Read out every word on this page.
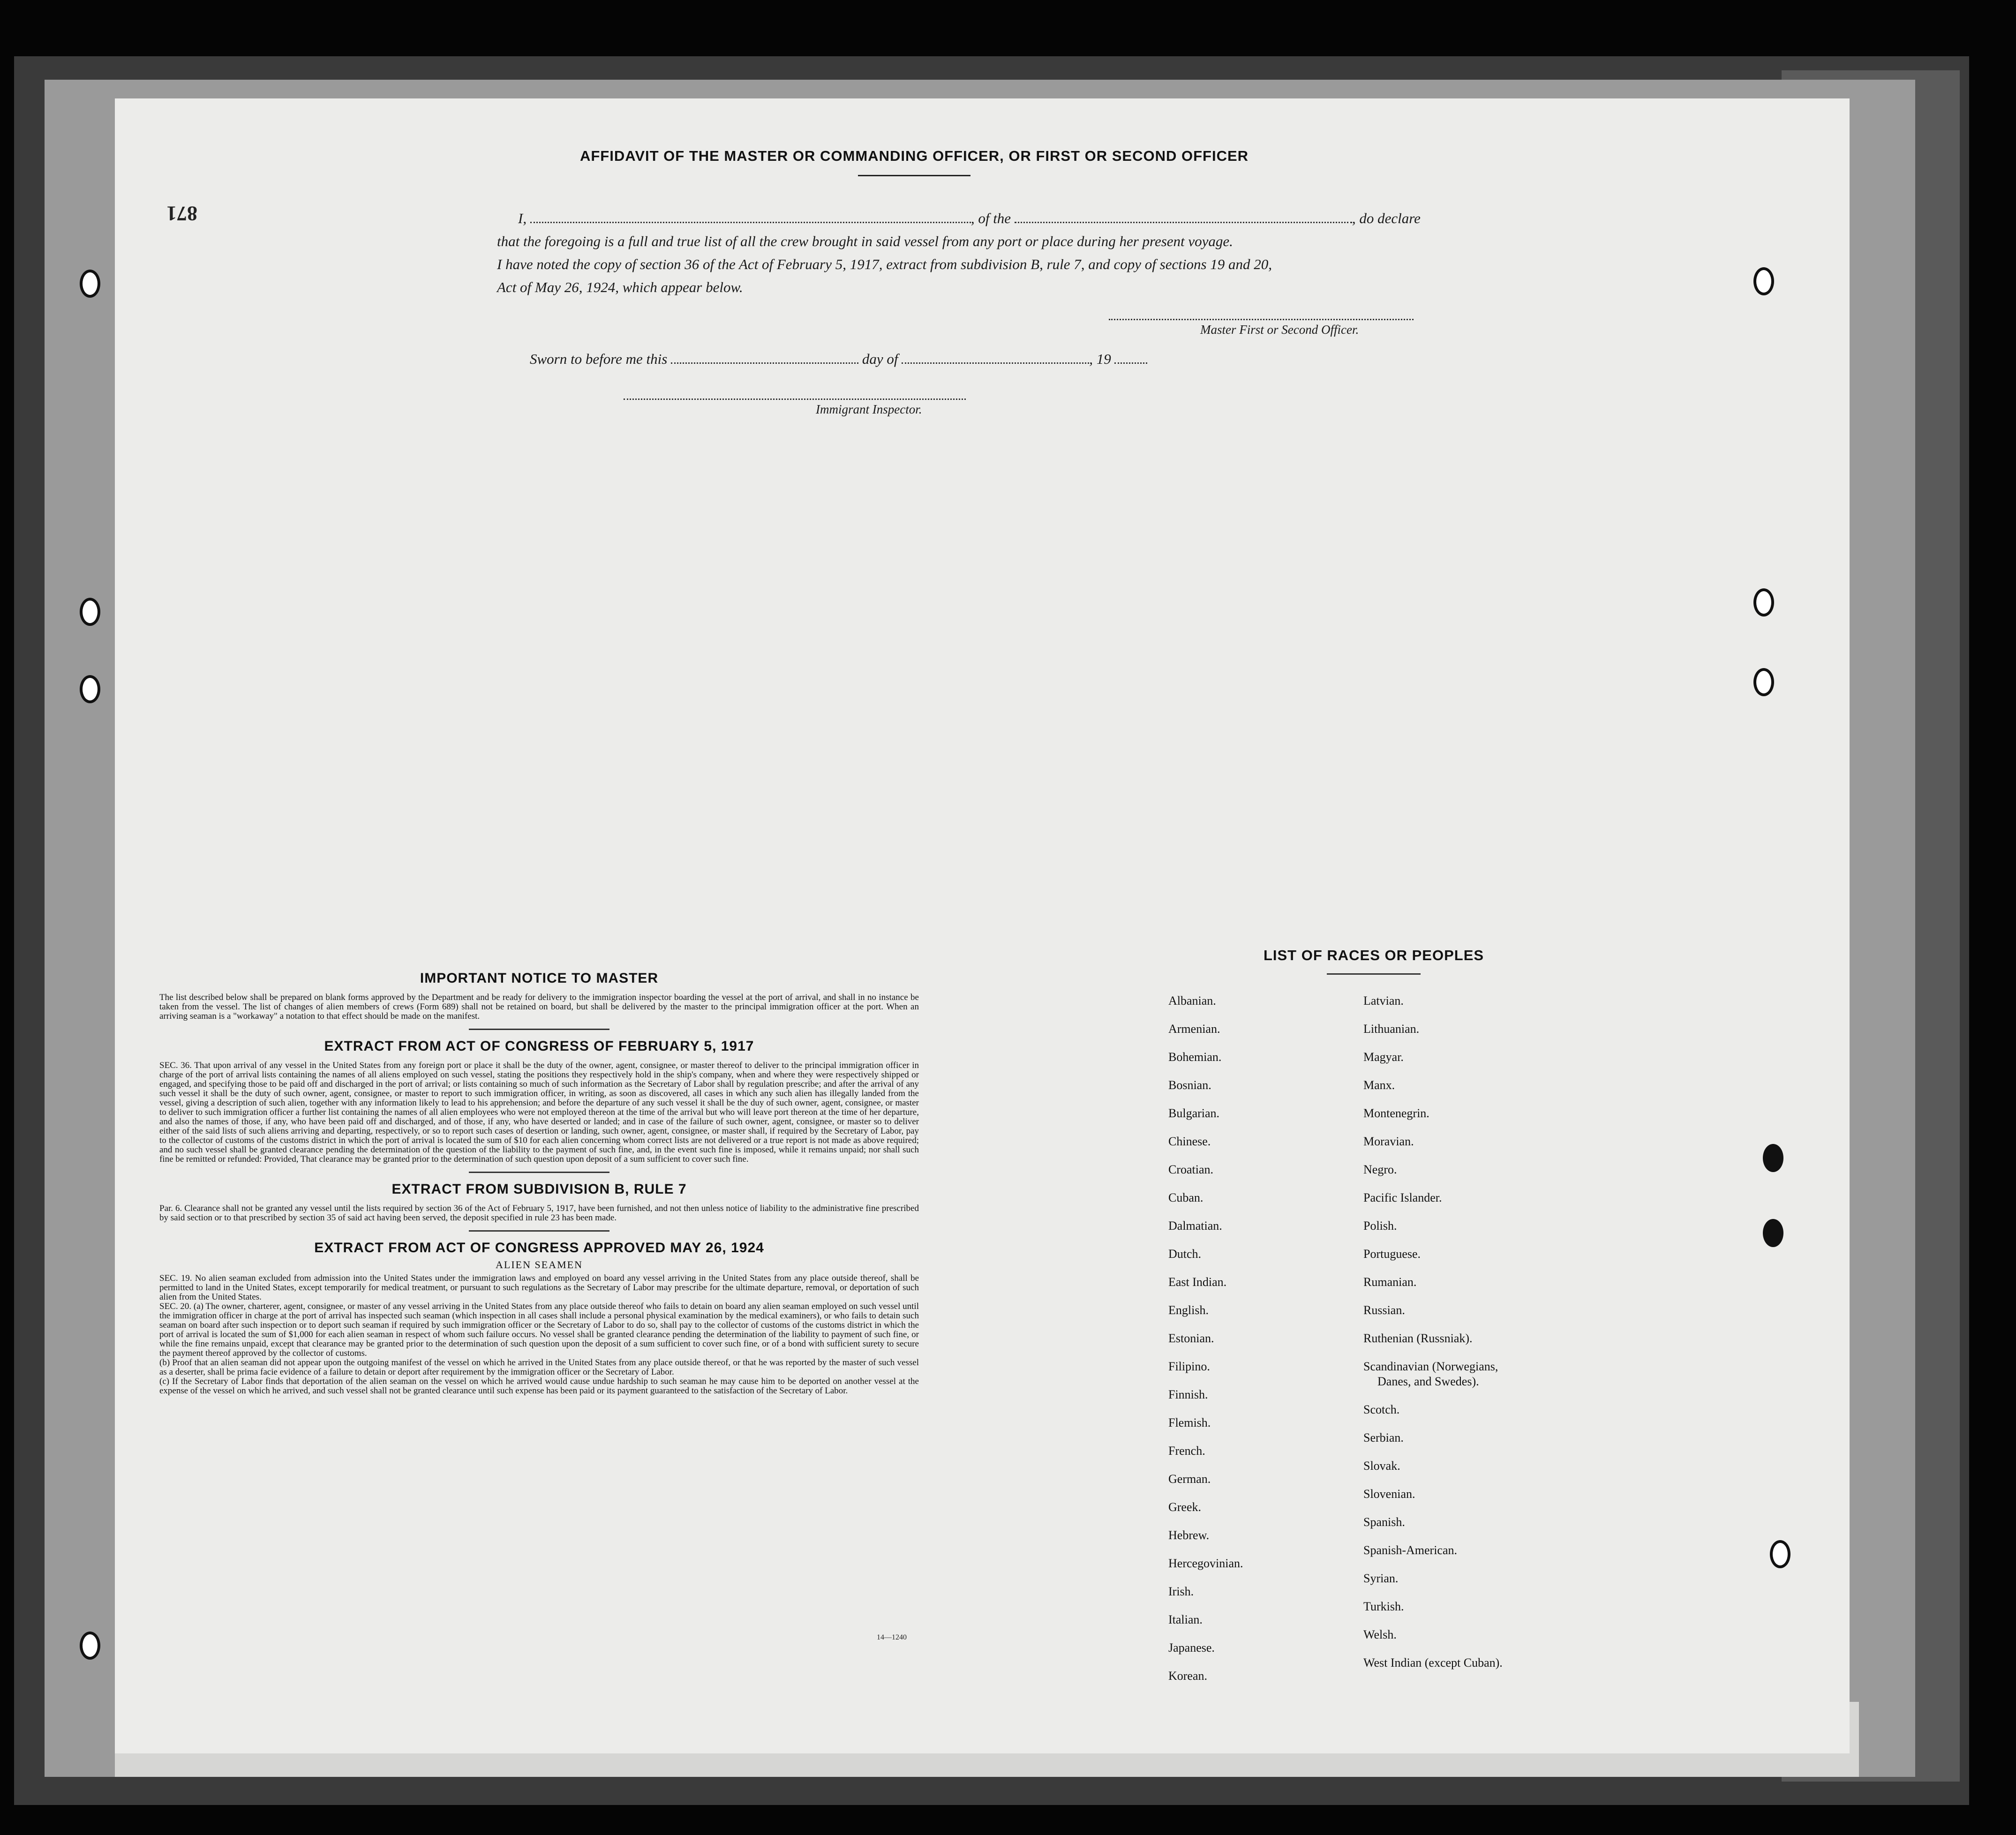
871
AFFIDAVIT OF THE MASTER OR COMMANDING OFFICER, OR FIRST OR SECOND OFFICER
I,	, of the	, do declare
that the foregoing is a full and true list of all the crew brought in said vessel from any port or place during her present voyage.
I have noted the copy of section 36 of the Act of February 5, 1917, extract from subdivision B, rule 7, and copy of sections 19 and 20,
Act of May 26, 1924, which appear below.
Master First or Second Officer.
Sworn to before me this	day of	, 19
Immigrant Inspector.
IMPORTANT NOTICE TO MASTER

The list described below shall be prepared on blank forms approved by the Department and be ready for delivery to the immigration inspector boarding the vessel at the port of arrival, and shall in no instance be taken from the vessel. The list of changes of alien members of crews (Form 689) shall not be retained on board, but shall be delivered by the master to the principal immigration officer at the port. When an arriving seaman is a "workaway" a notation to that effect should be made on the manifest.

EXTRACT FROM ACT OF CONGRESS OF FEBRUARY 5, 1917

SEC. 36. That upon arrival of any vessel in the United States from any foreign port or place it shall be the duty of the owner, agent, consignee, or master thereof to deliver to the principal immigration officer in charge of the port of arrival lists containing the names of all aliens employed on such vessel, stating the positions they respectively hold in the ship's company, when and where they were respectively shipped or engaged, and specifying those to be paid off and discharged in the port of arrival; or lists containing so much of such information as the Secretary of Labor shall by regulation prescribe; and after the arrival of any such vessel it shall be the duty of such owner, agent, consignee, or master to report to such immigration officer, in writing, as soon as discovered, all cases in which any such alien has illegally landed from the vessel, giving a description of such alien, together with any information likely to lead to his apprehension; and before the departure of any such vessel it shall be the duy of such owner, agent, consignee, or master to deliver to such immigration officer a further list containing the names of all alien employees who were not employed thereon at the time of the arrival but who will leave port thereon at the time of her departure, and also the names of those, if any, who have been paid off and discharged, and of those, if any, who have deserted or landed; and in case of the failure of such owner, agent, consignee, or master so to deliver either of the said lists of such aliens arriving and departing, respectively, or so to report such cases of desertion or landing, such owner, agent, consignee, or master shall, if required by the Secretary of Labor, pay to the collector of customs of the customs district in which the port of arrival is located the sum of $10 for each alien concerning whom correct lists are not delivered or a true report is not made as above required; and no such vessel shall be granted clearance pending the determination of the question of the liability to the payment of such fine, and, in the event such fine is imposed, while it remains unpaid; nor shall such fine be remitted or refunded: Provided, That clearance may be granted prior to the determination of such question upon deposit of a sum sufficient to cover such fine.

EXTRACT FROM SUBDIVISION B, RULE 7

Par. 6. Clearance shall not be granted any vessel until the lists required by section 36 of the Act of February 5, 1917, have been furnished, and not then unless notice of liability to the administrative fine prescribed by said section or to that prescribed by section 35 of said act having been served, the deposit specified in rule 23 has been made.

EXTRACT FROM ACT OF CONGRESS APPROVED MAY 26, 1924
ALIEN SEAMEN

SEC. 19. No alien seaman excluded from admission into the United States under the immigration laws and employed on board any vessel arriving in the United States from any place outside thereof, shall be permitted to land in the United States, except temporarily for medical treatment, or pursuant to such regulations as the Secretary of Labor may prescribe for the ultimate departure, removal, or deportation of such alien from the United States.

SEC. 20. (a) The owner, charterer, agent, consignee, or master of any vessel arriving in the United States from any place outside thereof who fails to detain on board any alien seaman employed on such vessel until the immigration officer in charge at the port of arrival has inspected such seaman (which inspection in all cases shall include a personal physical examination by the medical examiners), or who fails to detain such seaman on board after such inspection or to deport such seaman if required by such immigration officer or the Secretary of Labor to do so, shall pay to the collector of customs of the customs district in which the port of arrival is located the sum of $1,000 for each alien seaman in respect of whom such failure occurs. No vessel shall be granted clearance pending the determination of the liability to payment of such fine, or while the fine remains unpaid, except that clearance may be granted prior to the determination of such question upon the deposit of a sum sufficient to cover such fine, or of a bond with sufficient surety to secure the payment thereof approved by the collector of customs.

(b) Proof that an alien seaman did not appear upon the outgoing manifest of the vessel on which he arrived in the United States from any place outside thereof, or that he was reported by the master of such vessel as a deserter, shall be prima facie evidence of a failure to detain or deport after requirement by the immigration officer or the Secretary of Labor.

(c) If the Secretary of Labor finds that deportation of the alien seaman on the vessel on which he arrived would cause undue hardship to such seaman he may cause him to be deported on another vessel at the expense of the vessel on which he arrived, and such vessel shall not be granted clearance until such expense has been paid or its payment guaranteed to the satisfaction of the Secretary of Labor.

14—1240
LIST OF RACES OR PEOPLES
Albanian.
Armenian.
Bohemian.
Bosnian.
Bulgarian.
Chinese.
Croatian.
Cuban.
Dalmatian.
Dutch.
East Indian.
English.
Estonian.
Filipino.
Finnish.
Flemish.
French.
German.
Greek.
Hebrew.
Hercegovinian.
Irish.
Italian.
Japanese.
Korean.
Latvian.
Lithuanian.
Magyar.
Manx.
Montenegrin.
Moravian.
Negro.
Pacific Islander.
Polish.
Portuguese.
Rumanian.
Russian.
Ruthenian (Russniak).
Scandinavian (Norwegians,
Danes, and Swedes).
Scotch.
Serbian.
Slovak.
Slovenian.
Spanish.
Spanish-American.
Syrian.
Turkish.
Welsh.
West Indian (except Cuban).
